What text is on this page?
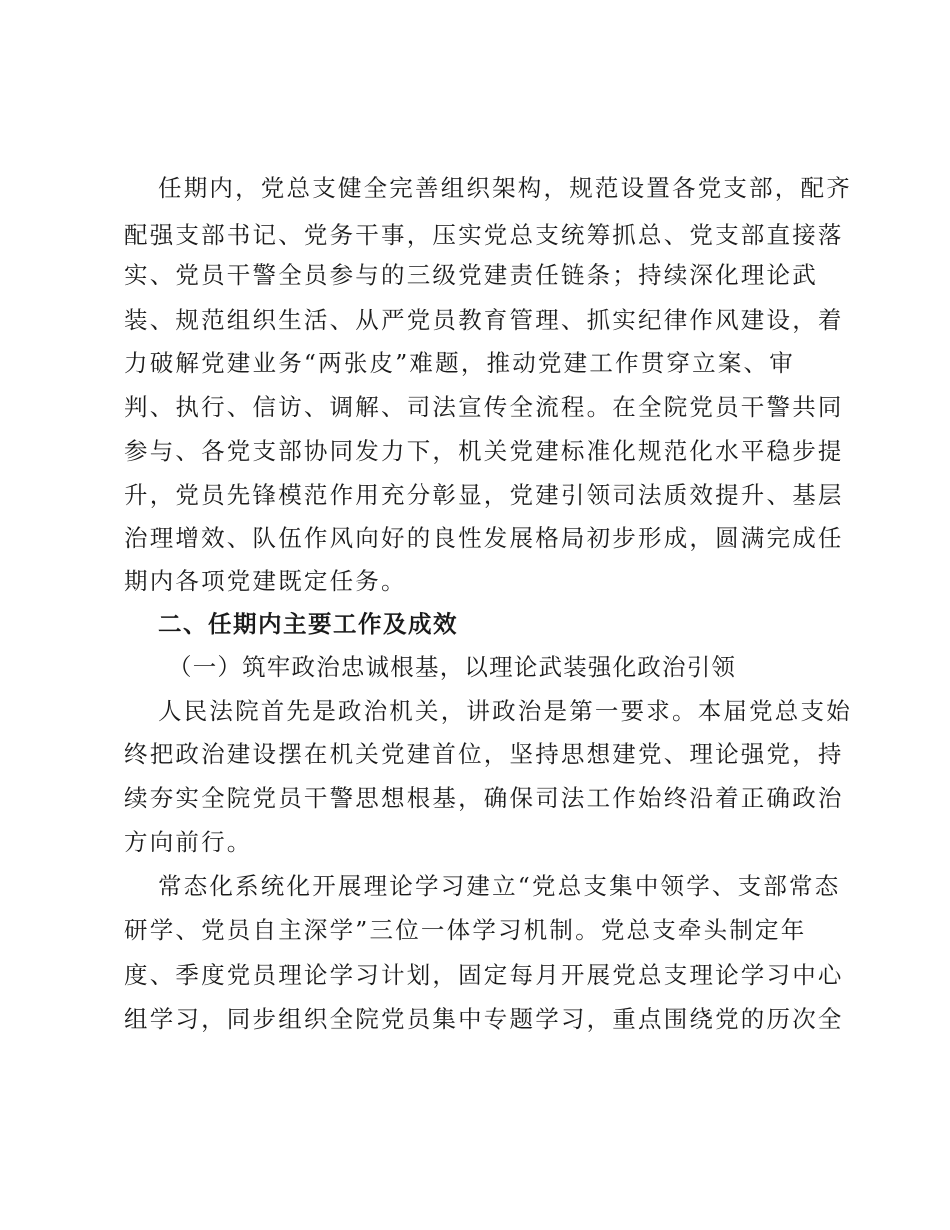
任期内，党总支健全完善组织架构，规范设置各党支部，配齐
配强支部书记、党务干事，压实党总支统筹抓总、党支部直接落
实、党员干警全员参与的三级党建责任链条；持续深化理论武
装、规范组织生活、从严党员教育管理、抓实纪律作风建设，着
力破解党建业务“两张皮”难题，推动党建工作贯穿立案、审
判、执行、信访、调解、司法宣传全流程。在全院党员干警共同
参与、各党支部协同发力下，机关党建标准化规范化水平稳步提
升，党员先锋模范作用充分彰显，党建引领司法质效提升、基层
治理增效、队伍作风向好的良性发展格局初步形成，圆满完成任
期内各项党建既定任务。
二、任期内主要工作及成效
（一）筑牢政治忠诚根基，以理论武装强化政治引领
人民法院首先是政治机关，讲政治是第一要求。本届党总支始
终把政治建设摆在机关党建首位，坚持思想建党、理论强党，持
续夯实全院党员干警思想根基，确保司法工作始终沿着正确政治
方向前行。
常态化系统化开展理论学习建立“党总支集中领学、支部常态
研学、党员自主深学”三位一体学习机制。党总支牵头制定年
度、季度党员理论学习计划，固定每月开展党总支理论学习中心
组学习，同步组织全院党员集中专题学习，重点围绕党的历次全
